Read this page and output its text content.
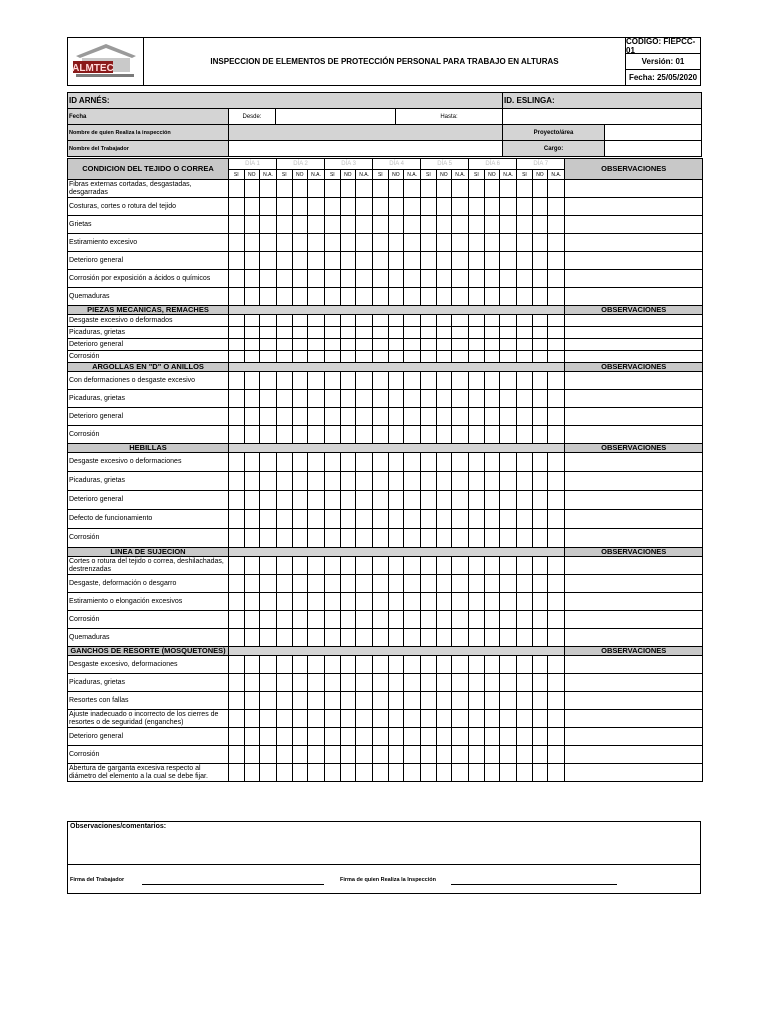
ALMTEC
INSPECCION DE ELEMENTOS DE PROTECCIÓN PERSONAL PARA TRABAJO EN ALTURAS
CODIGO: FIEPCC-01
Versión: 01
Fecha: 25/05/2020
ID ARNÉS:				ID. ESLINGA:	
Fecha	Desde:		Hasta:		
Nombre de quien Realiza la inspección				Proyecto/área	
Nombre del Trabajador				Cargo:	
CONDICION DEL TEJIDO O CORREA	DÍA 1			DÍA 2			DÍA 3			DÍA 4			DÍA 5			DÍA 6			DÍA 7			OBSERVACIONES
	SI	NO	N.A.	SI	NO	N.A.	SI	NO	N.A.	SI	NO	N.A.	SI	NO	N.A.	SI	NO	N.A.	SI	NO	N.A.	
Fibras externas cortadas, desgastadas, desgarradas																						
Costuras, cortes o rotura del tejido																						
Grietas																						
Estiramiento excesivo																						
Deterioro general																						
Corrosión por exposición a ácidos o químicos																						
Quemaduras																						
PIEZAS MECANICAS, REMACHES																						OBSERVACIONES
Desgaste excesivo o deformados																						
Picaduras, grietas																						
Deterioro general																						
Corrosión																						
ARGOLLAS EN "D" O ANILLOS																						OBSERVACIONES
Con deformaciones o desgaste excesivo																						
Picaduras, grietas																						
Deterioro general																						
Corrosión																						
HEBILLAS																						OBSERVACIONES
Desgaste excesivo o deformaciones																						
Picaduras, grietas																						
Deterioro general																						
Defecto de funcionamiento																						
Corrosión																						
LINEA DE SUJECION																						OBSERVACIONES
Cortes o rotura del tejido o correa, deshilachadas, destrenzadas																						
Desgaste, deformación o desgarro																						
Estiramiento o elongación excesivos																						
Corrosión																						
Quemaduras																						
GANCHOS DE RESORTE (MOSQUETONES)																						OBSERVACIONES
Desgaste excesivo, deformaciones																						
Picaduras, grietas																						
Resortes con fallas																						
Ajuste inadecuado o incorrecto de los cierres de resortes o de seguridad (enganches)																						
Deterioro general																						
Corrosión																						
Abertura de garganta excesiva respecto al diámetro del elemento a la cual se debe fijar.																						
Observaciones/comentarios:
Firma del Trabajador	Firma de quien Realiza la Inspección
